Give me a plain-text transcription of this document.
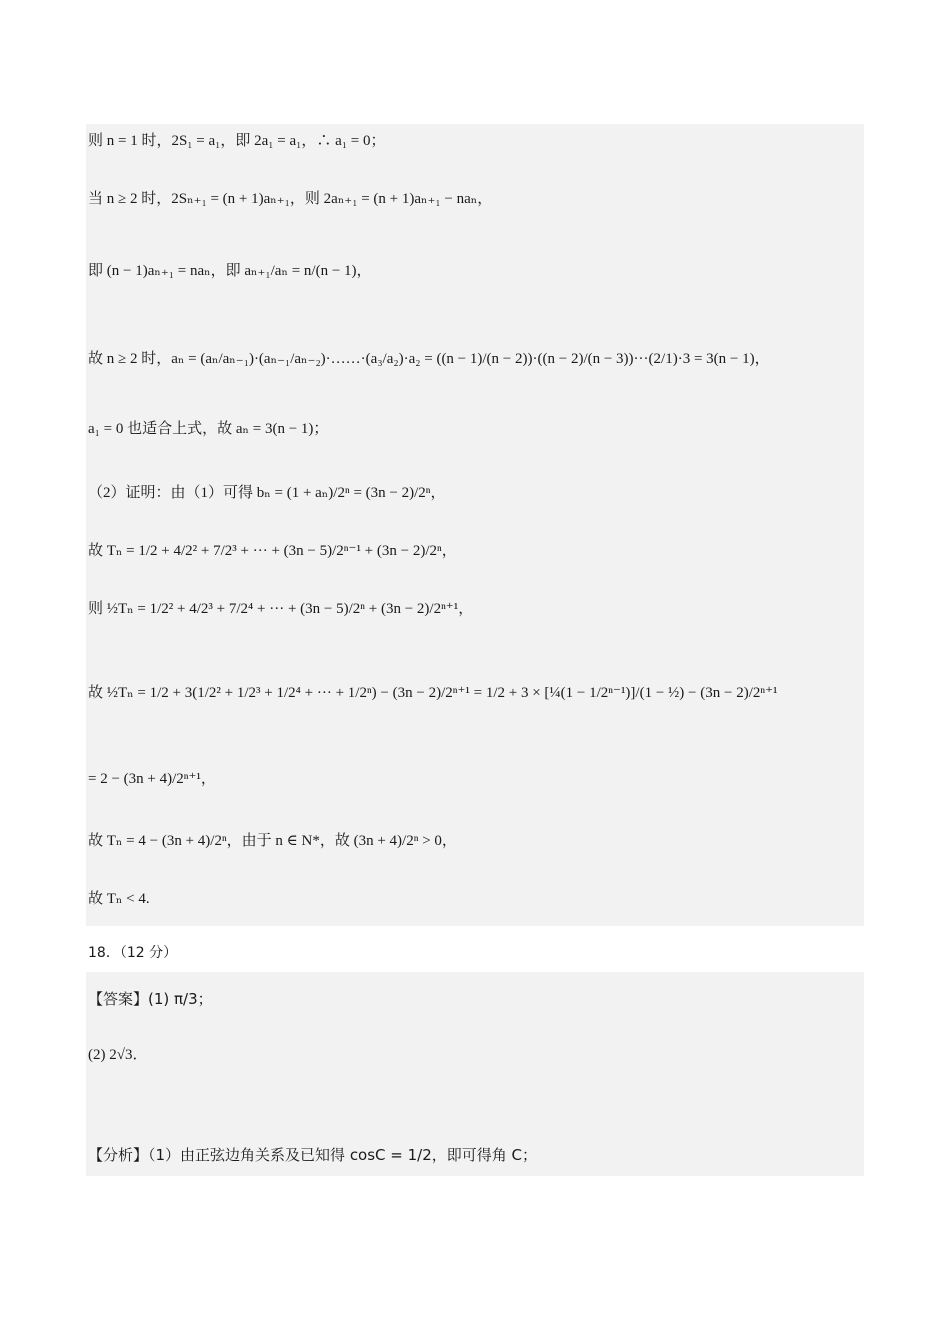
则 n = 1 时，2S₁ = a₁，即 2a₁ = a₁，∴ a₁ = 0；
当 n ≥ 2 时，2Sₙ₊₁ = (n + 1)aₙ₊₁，则 2aₙ₊₁ = (n + 1)aₙ₊₁ − naₙ，
即 (n − 1)aₙ₊₁ = naₙ，即 aₙ₊₁/aₙ = n/(n − 1)，
故 n ≥ 2 时，aₙ = (aₙ/aₙ₋₁)·(aₙ₋₁/aₙ₋₂)·……·(a₃/a₂)·a₂ = ((n − 1)/(n − 2))·((n − 2)/(n − 3))···(2/1)·3 = 3(n − 1)，
a₁ = 0 也适合上式，故 aₙ = 3(n − 1)；
（2）证明：由（1）可得 bₙ = (1 + aₙ)/2ⁿ = (3n − 2)/2ⁿ，
故 Tₙ = 1/2 + 4/2² + 7/2³ + ··· + (3n − 5)/2ⁿ⁻¹ + (3n − 2)/2ⁿ，
则 ½Tₙ = 1/2² + 4/2³ + 7/2⁴ + ··· + (3n − 5)/2ⁿ + (3n − 2)/2ⁿ⁺¹，
故 ½Tₙ = 1/2 + 3(1/2² + 1/2³ + 1/2⁴ + ··· + 1/2ⁿ) − (3n − 2)/2ⁿ⁺¹ = 1/2 + 3 × [¼(1 − 1/2ⁿ⁻¹)]/(1 − ½) − (3n − 2)/2ⁿ⁺¹
= 2 − (3n + 4)/2ⁿ⁺¹，
故 Tₙ = 4 − (3n + 4)/2ⁿ，由于 n ∈ N*，故 (3n + 4)/2ⁿ > 0，
故 Tₙ < 4.
18．（12 分）
【答案】(1) π/3；
(2) 2√3．
【分析】（1）由正弦边角关系及已知得 cosC = 1/2，即可得角 C；
